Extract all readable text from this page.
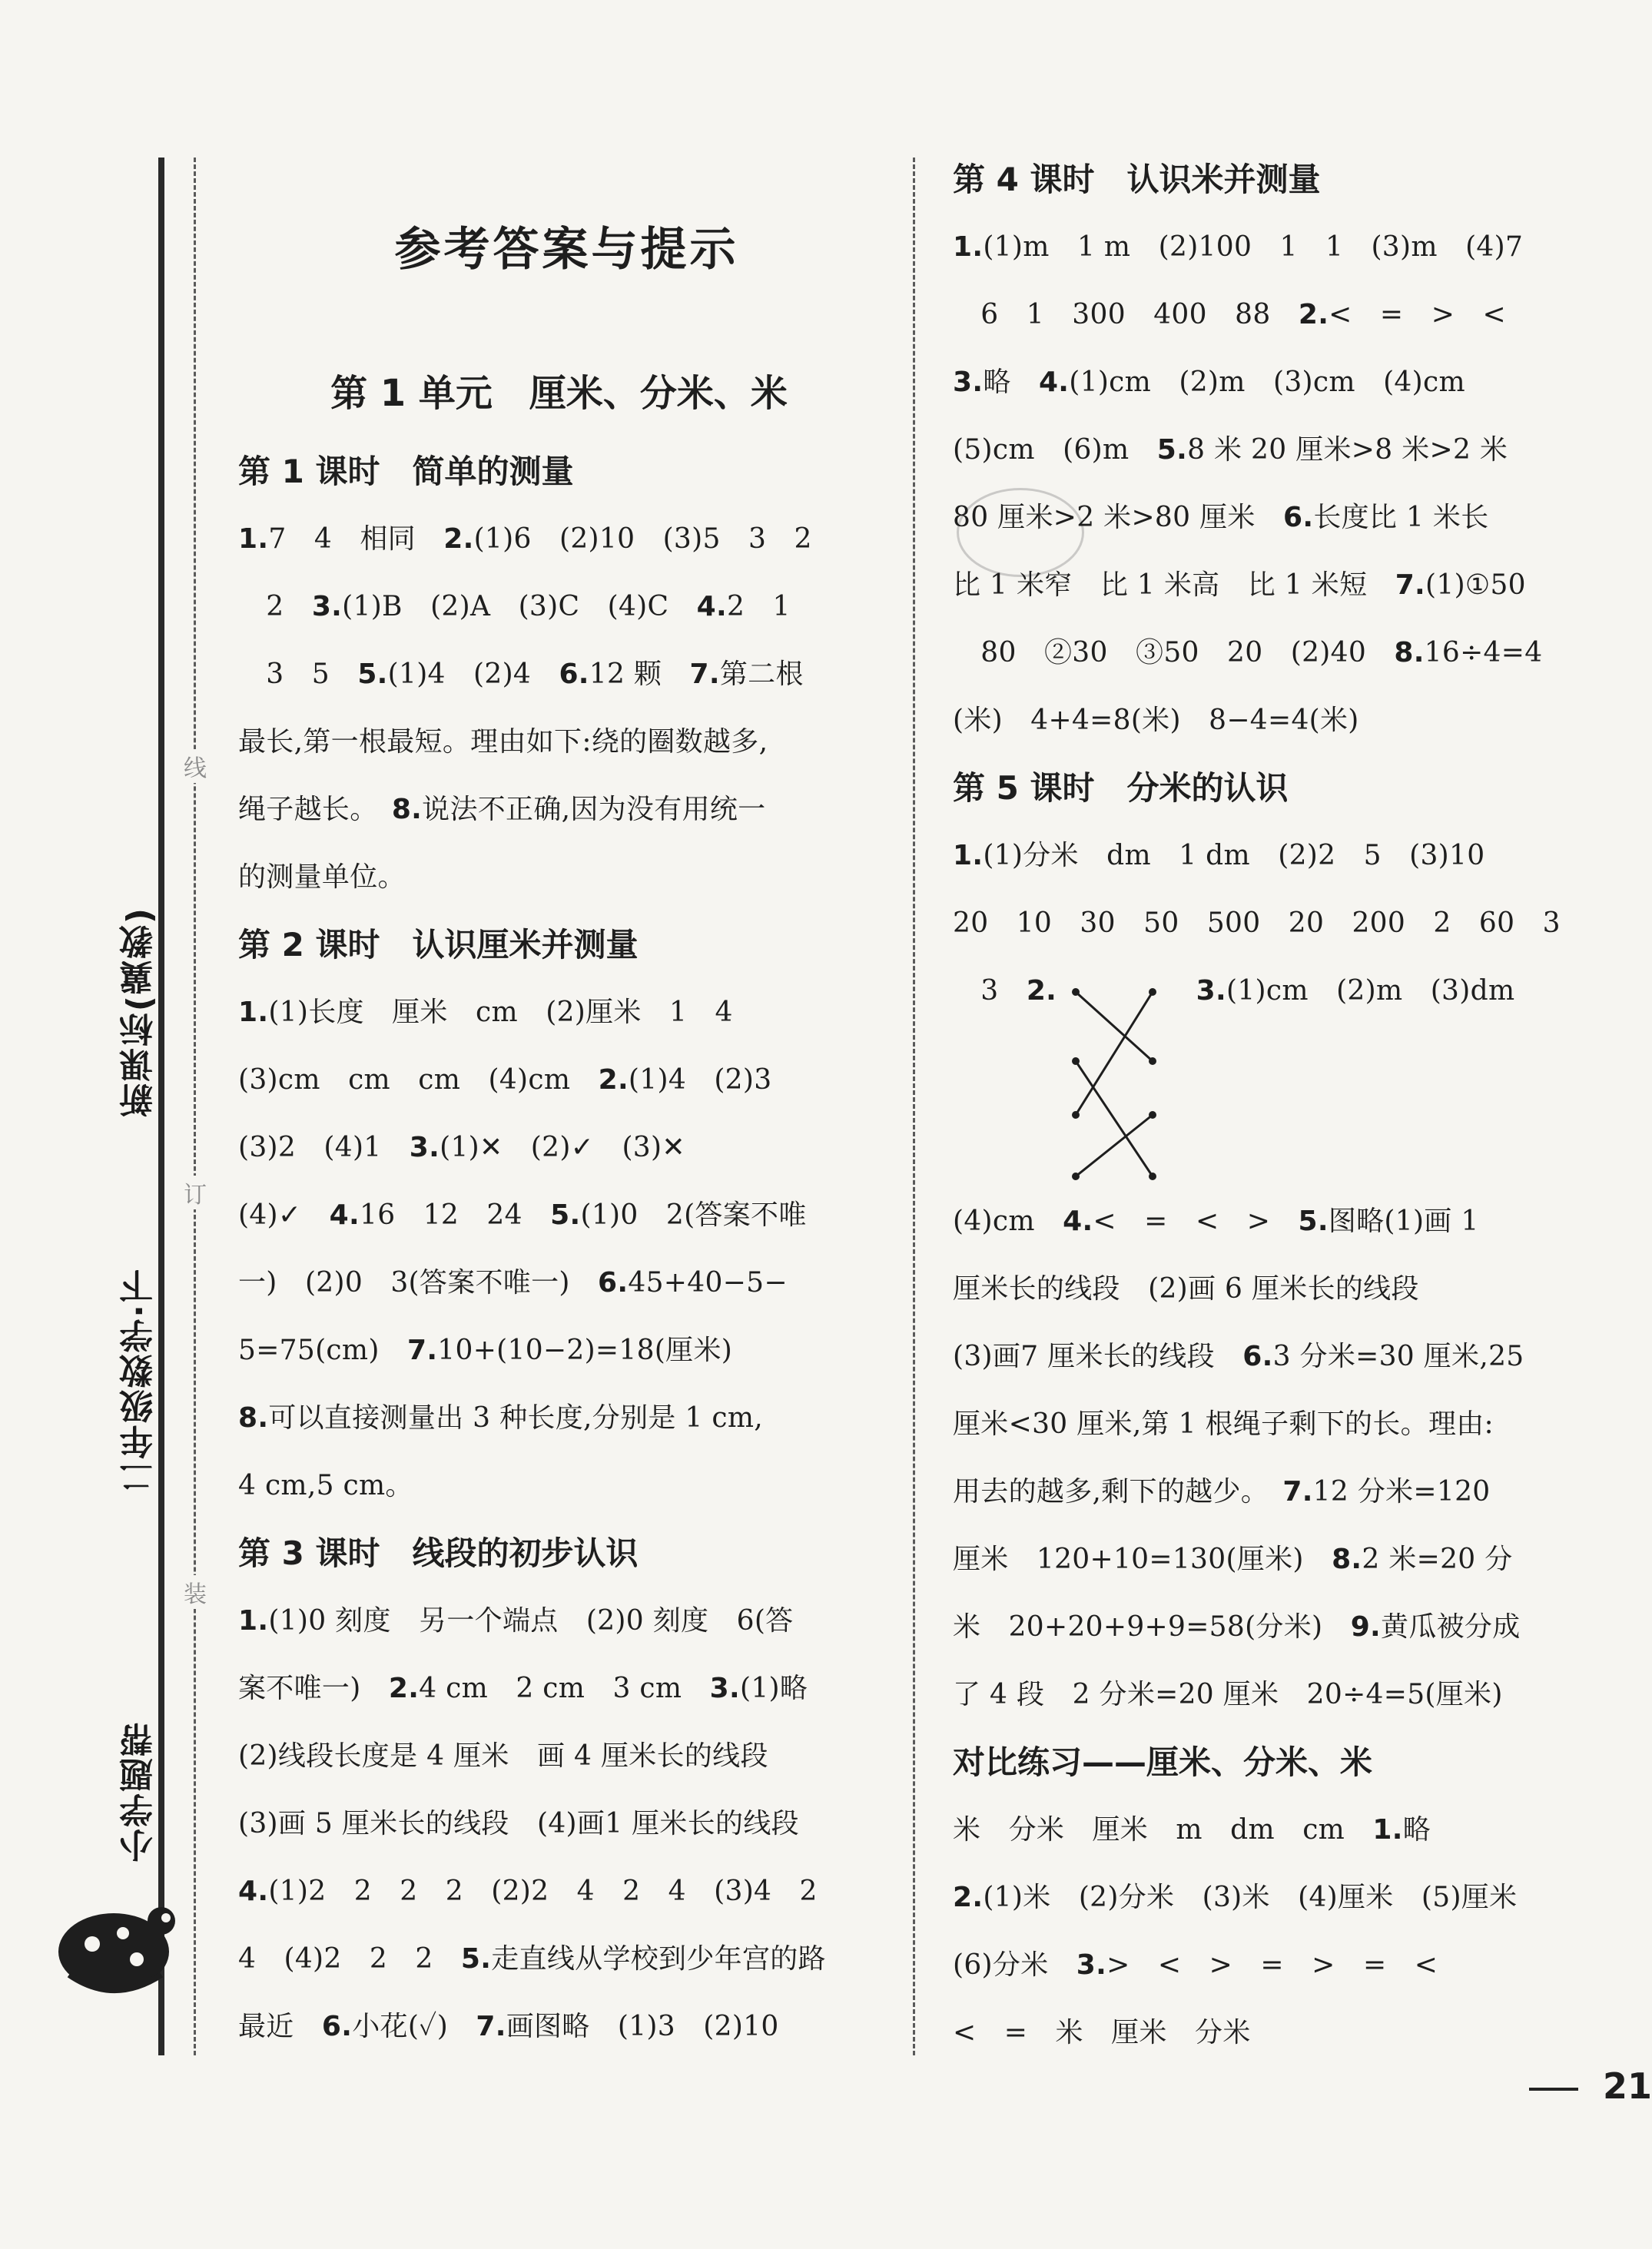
线
订
装
新课标(冀教)
二年级数学·下
小学题帮
参考答案与提示
第 1 单元　厘米、分米、米
第 1 课时　简单的测量
1.7　4　相同　2.(1)6　(2)10　(3)5　3　2
　2　3.(1)B　(2)A　(3)C　(4)C　4.2　1
　3　5　5.(1)4　(2)4　6.12 颗　7.第二根
最长,第一根最短。理由如下:绕的圈数越多,
绳子越长。　8.说法不正确,因为没有用统一
的测量单位。
第 2 课时　认识厘米并测量
1.(1)长度　厘米　cm　(2)厘米　1　4
(3)cm　cm　cm　(4)cm　2.(1)4　(2)3
(3)2　(4)1　3.(1)✕　(2)✓　(3)✕
(4)✓　4.16　12　24　5.(1)0　2(答案不唯
一)　(2)0　3(答案不唯一)　6.45+40−5−
5=75(cm)　7.10+(10−2)=18(厘米)
8.可以直接测量出 3 种长度,分别是 1 cm,
4 cm,5 cm。
第 3 课时　线段的初步认识
1.(1)0 刻度　另一个端点　(2)0 刻度　6(答
案不唯一)　2.4 cm　2 cm　3 cm　3.(1)略
(2)线段长度是 4 厘米　画 4 厘米长的线段
(3)画 5 厘米长的线段　(4)画1 厘米长的线段
4.(1)2　2　2　2　(2)2　4　2　4　(3)4　2
4　(4)2　2　2　5.走直线从学校到少年宫的路
最近　6.小花(✓)　7.画图略　(1)3　(2)10
第 4 课时　认识米并测量
1.(1)m　1 m　(2)100　1　1　(3)m　(4)7
　6　1　300　400　88　2.<　=　>　<
3.略　4.(1)cm　(2)m　(3)cm　(4)cm
(5)cm　(6)m　5.8 米 20 厘米>8 米>2 米
80 厘米>2 米>80 厘米　6.长度比 1 米长
比 1 米窄　比 1 米高　比 1 米短　7.(1)①50
　80　②30　③50　20　(2)40　8.16÷4=4
(米)　4+4=8(米)　8−4=4(米)
第 5 课时　分米的认识
1.(1)分米　dm　1 dm　(2)2　5　(3)10
20　10　30　50　500　20　200　2　60　3
　3　2.　　　　　	3.(1)cm　(2)m　(3)dm
(4)cm　4.<　=　<　>　5.图略(1)画 1
厘米长的线段　(2)画 6 厘米长的线段
(3)画7 厘米长的线段　6.3 分米=30 厘米,25
厘米<30 厘米,第 1 根绳子剩下的长。理由:
用去的越多,剩下的越少。　7.12 分米=120
厘米　120+10=130(厘米)　8.2 米=20 分
米　20+20+9+9=58(分米)　9.黄瓜被分成
了 4 段　2 分米=20 厘米　20÷4=5(厘米)
对比练习——厘米、分米、米
米　分米　厘米　m　dm　cm　1.略
2.(1)米　(2)分米　(3)米　(4)厘米　(5)厘米
(6)分米　3.>　<　>　=　>　=　<
<　=　米　厘米　分米
21
